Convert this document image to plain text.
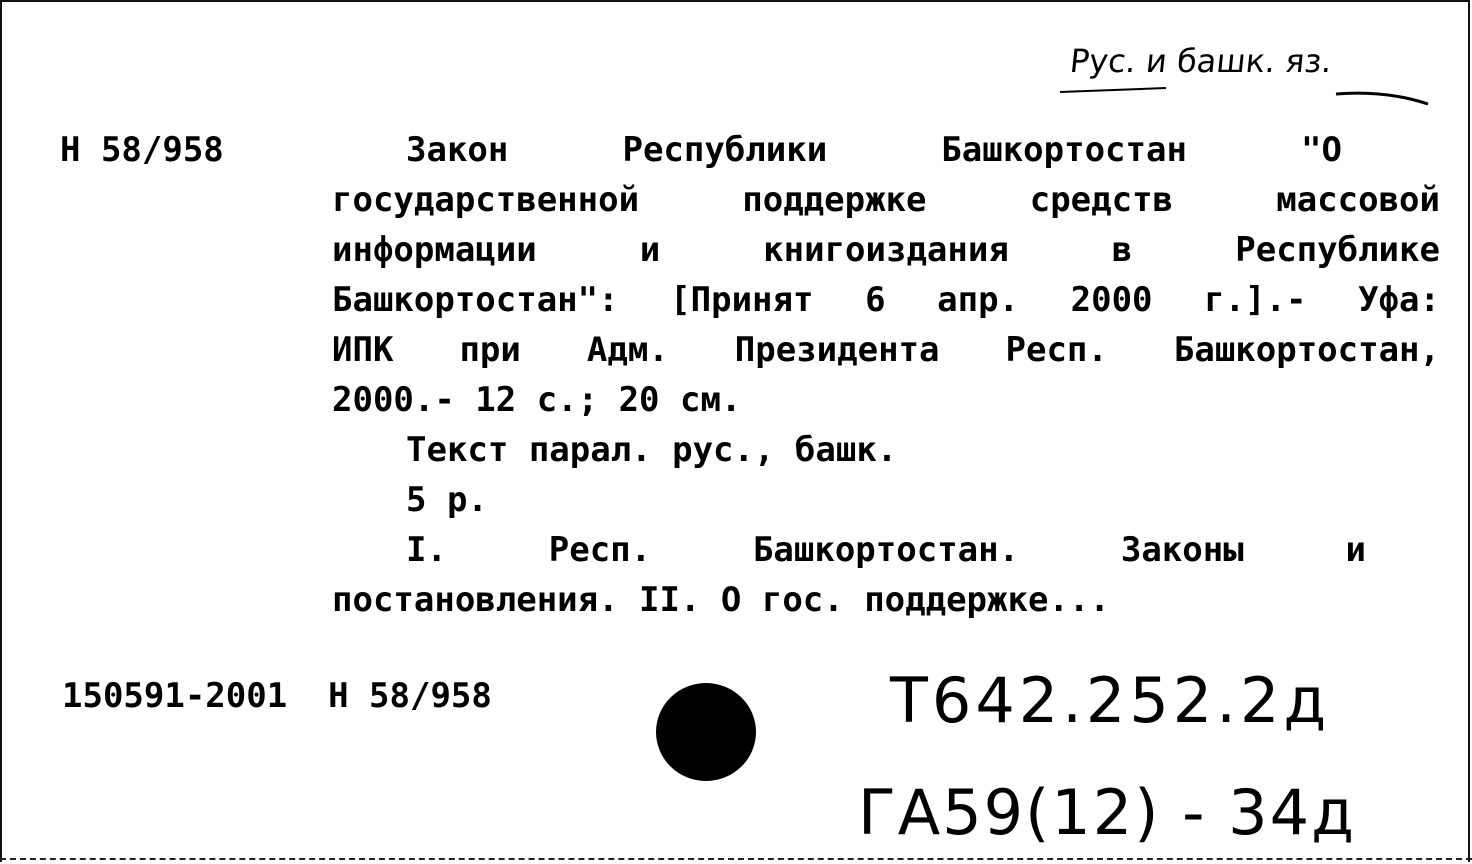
Рус. и башк. яз.
Н 58/958	Закон	Республики	Башкортостан	"О
государственной	поддержке	средств	массовой
информации	и	книгоиздания	в	Республике
Башкортостан": [Принят 6 апр. 2000 г.].- Уфа:
ИПК при Адм. Президента Респ. Башкортостан,
2000.- 12 с.; 20 см.
Текст парал. рус., башк.
5 р.
I.	Респ.	Башкортостан.	Законы	и
постановления. II. О гос. поддержке...
150591-2001  Н 58/958	Т642.252.2д
ГА59(12) - 34д
